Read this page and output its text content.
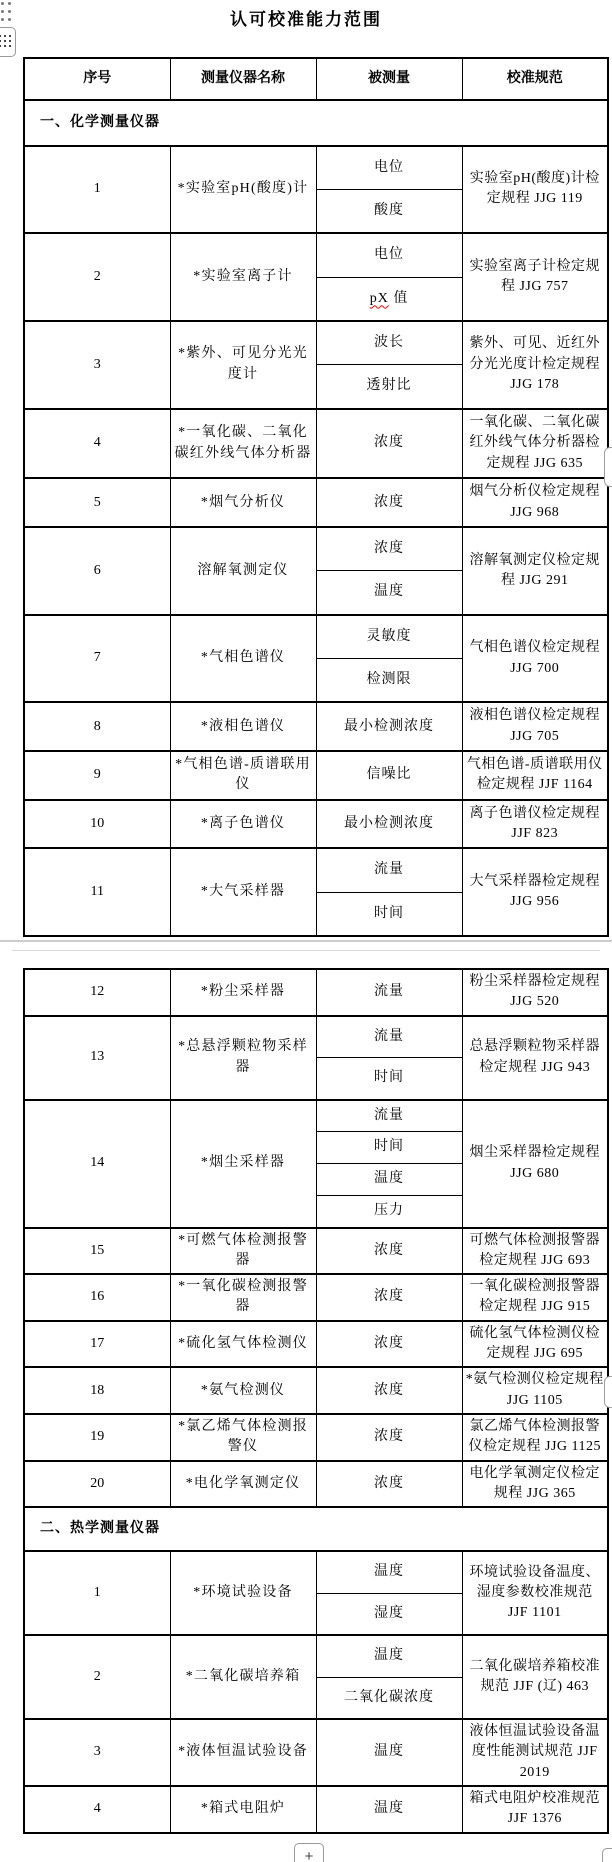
认可校准能力范围
序号	测量仪器名称	被测量	校准规范
一、化学测量仪器			
1	*实验室pH(酸度)计	电位	实验室pH(酸度)计检定规程 JJG 119
		酸度	
2	*实验室离子计	电位	实验室离子计检定规程 JJG 757
		pX 值	
3	*紫外、可见分光光度计	波长	紫外、可见、近红外分光光度计检定规程 JJG 178
		透射比	
4	*一氧化碳、二氧化碳红外线气体分析器	浓度	一氧化碳、二氧化碳红外线气体分析器检定规程 JJG 635
5	*烟气分析仪	浓度	烟气分析仪检定规程 JJG 968
6	溶解氧测定仪	浓度	溶解氧测定仪检定规程 JJG 291
		温度	
7	*气相色谱仪	灵敏度	气相色谱仪检定规程 JJG 700
		检测限	
8	*液相色谱仪	最小检测浓度	液相色谱仪检定规程 JJG 705
9	*气相色谱-质谱联用仪	信噪比	气相色谱-质谱联用仪检定规程 JJF 1164
10	*离子色谱仪	最小检测浓度	离子色谱仪检定规程 JJF 823
11	*大气采样器	流量	大气采样器检定规程 JJG 956
		时间	
12	*粉尘采样器	流量	粉尘采样器检定规程 JJG 520
13	*总悬浮颗粒物采样器	流量	总悬浮颗粒物采样器检定规程 JJG 943
		时间	
14	*烟尘采样器	流量	烟尘采样器检定规程 JJG 680
		时间	
		温度	
		压力	
15	*可燃气体检测报警器	浓度	可燃气体检测报警器检定规程 JJG 693
16	*一氧化碳检测报警器	浓度	一氧化碳检测报警器检定规程 JJG 915
17	*硫化氢气体检测仪	浓度	硫化氢气体检测仪检定规程 JJG 695
18	*氨气检测仪	浓度	*氨气检测仪检定规程 JJG 1105
19	*氯乙烯气体检测报警仪	浓度	氯乙烯气体检测报警仪检定规程 JJG 1125
20	*电化学氧测定仪	浓度	电化学氧测定仪检定规程 JJG 365
二、热学测量仪器			
1	*环境试验设备	温度	环境试验设备温度、湿度参数校准规范 JJF 1101
		湿度	
2	*二氧化碳培养箱	温度	二氧化碳培养箱校准规范 JJF (辽) 463
		二氧化碳浓度	
3	*液体恒温试验设备	温度	液体恒温试验设备温度性能测试规范 JJF 2019
4	*箱式电阻炉	温度	箱式电阻炉校准规范 JJF 1376
+
